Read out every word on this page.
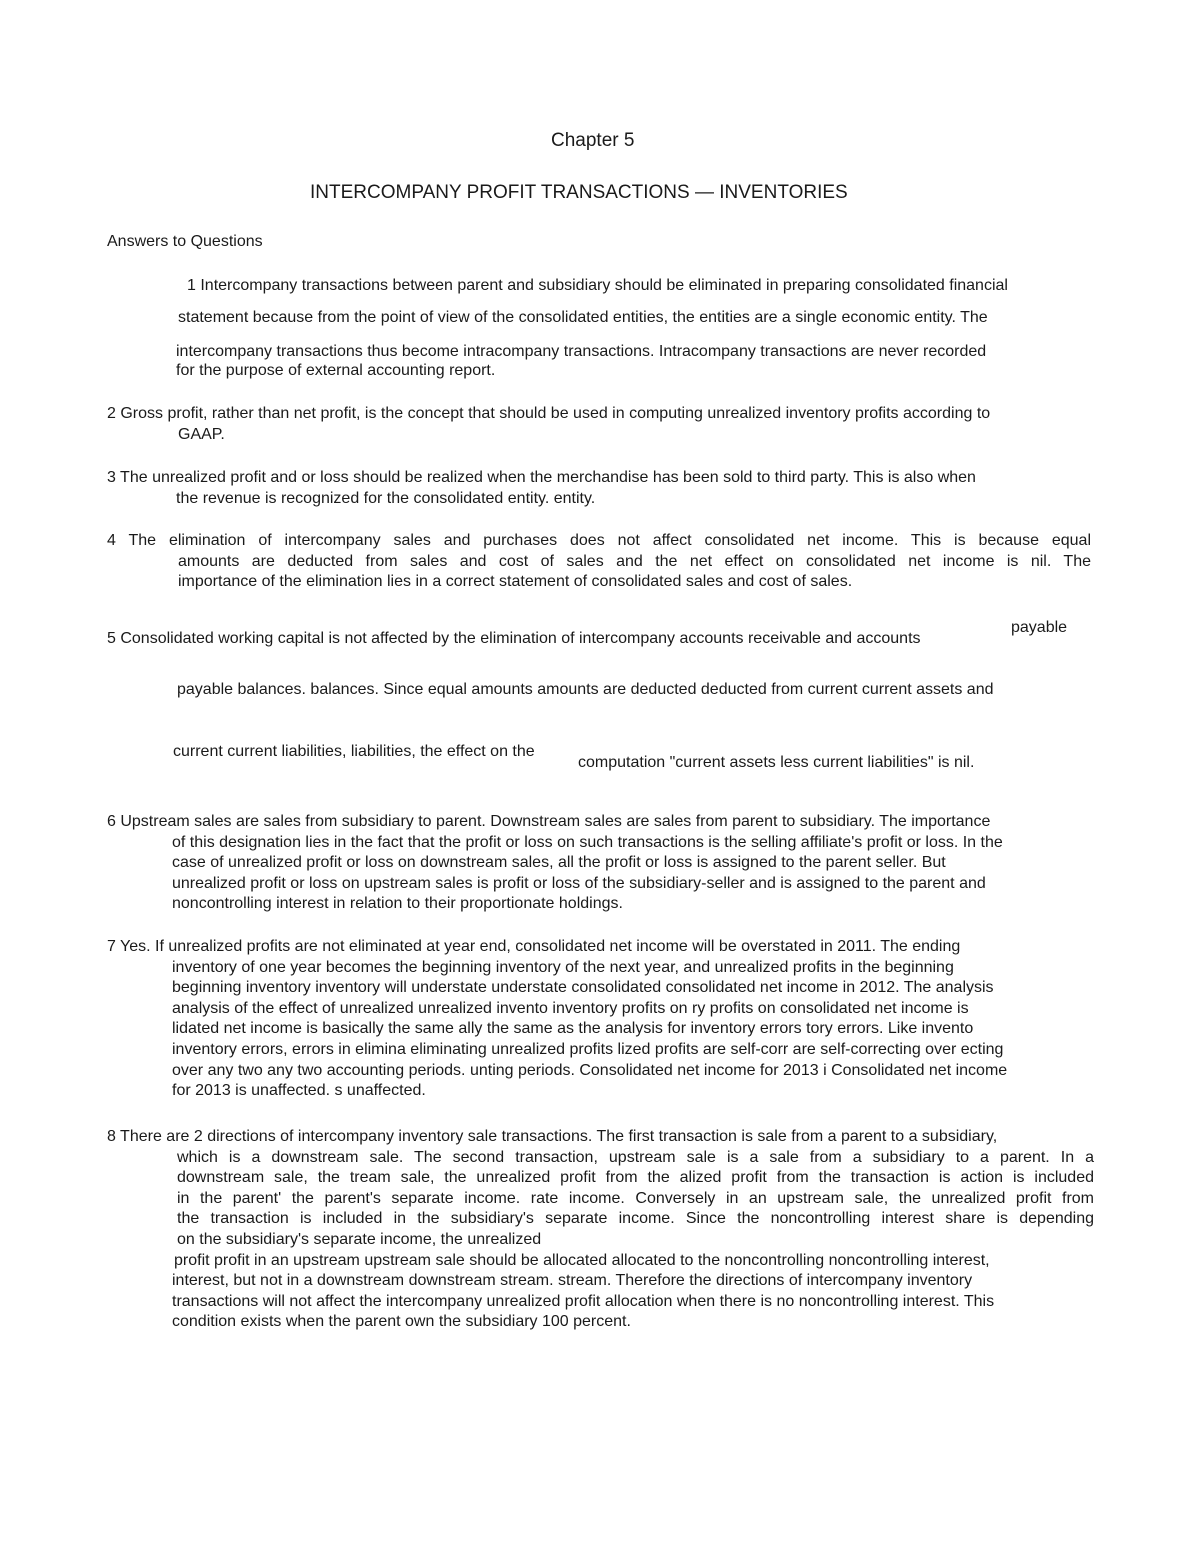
Chapter 5

INTERCOMPANY PROFIT TRANSACTIONS — INVENTORIES

Answers to Questions

1 Intercompany transactions between parent and subsidiary should be eliminated in preparing consolidated financial

statement because from the point of view of the consolidated entities, the entities are a single economic entity. The

intercompany transactions thus become intracompany transactions. Intracompany transactions are never recorded

for the purpose of external accounting report.

2 Gross profit, rather than net profit, is the concept that should be used in computing unrealized inventory profits according to
GAAP.
3 The unrealized profit and or loss should be realized when the merchandise has been sold to third party. This is also when
the revenue is recognized for the consolidated entity. entity.
4 The elimination of intercompany sales and purchases does not affect consolidated net income. This is because equal
amounts are deducted from sales and cost of sales and the net effect on consolidated net income is nil. The
importance of the elimination lies in a correct statement of consolidated sales and cost of sales.

5 Consolidated working capital is not affected by the elimination of intercompany accounts receivable and accounts

payable

payable balances. balances. Since equal amounts amounts are deducted deducted from current current assets and

current current liabilities, liabilities, the effect on the

computation "current assets less current liabilities" is nil.

6 Upstream sales are sales from subsidiary to parent. Downstream sales are sales from parent to subsidiary. The importance
of this designation lies in the fact that the profit or loss on such transactions is the selling affiliate's profit or loss. In the
case of unrealized profit or loss on downstream sales, all the profit or loss is assigned to the parent seller. But
unrealized profit or loss on upstream sales is profit or loss of the subsidiary-seller and is assigned to the parent and
noncontrolling interest in relation to their proportionate holdings.
7 Yes. If unrealized profits are not eliminated at year end, consolidated net income will be overstated in 2011. The ending
inventory of one year becomes the beginning inventory of the next year, and unrealized profits in the beginning
beginning inventory inventory will understate understate consolidated consolidated net income in 2012. The analysis
analysis of the effect of unrealized unrealized invento inventory profits on ry profits on consolidated net income is
lidated net income is basically the same ally the same as the analysis for inventory errors tory errors. Like invento
inventory errors, errors in elimina eliminating unrealized profits lized profits are self-corr are self-correcting over ecting
over any two any two accounting periods. unting periods. Consolidated net income for 2013 i Consolidated net income
for 2013 is unaffected. s unaffected.
8 There are 2 directions of intercompany inventory sale transactions. The first transaction is sale from a parent to a subsidiary,
which is a downstream sale. The second transaction, upstream sale is a sale from a subsidiary to a parent. In a
downstream sale, the tream sale, the unrealized profit from the alized profit from the transaction is action is included
in the parent' the parent's separate income. rate income. Conversely in an upstream sale, the unrealized profit from
the transaction is included in the subsidiary's separate income. Since the noncontrolling interest share is depending
on the subsidiary's separate income, the unrealized
profit profit in an upstream upstream sale should be allocated allocated to the noncontrolling noncontrolling interest,
interest, but not in a downstream downstream stream. stream. Therefore the directions of intercompany inventory
transactions will not affect the intercompany unrealized profit allocation when there is no noncontrolling interest. This
condition exists when the parent own the subsidiary 100 percent.
